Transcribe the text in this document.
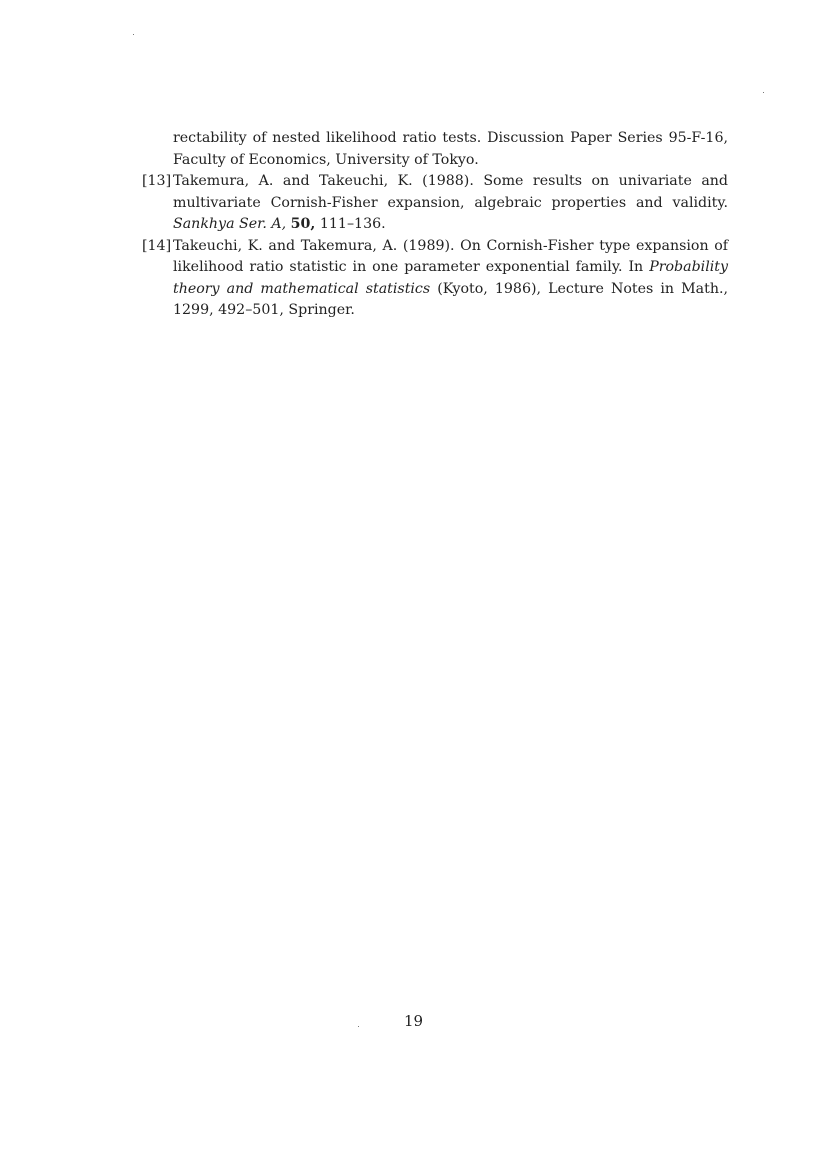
rectability of nested likelihood ratio tests. Discussion Paper Series 95-F-16, Faculty of Economics, University of Tokyo.
[13] Takemura, A. and Takeuchi, K. (1988). Some results on univariate and multivariate Cornish-Fisher expansion, algebraic properties and validity. Sankhya Ser. A, 50, 111–136.
[14] Takeuchi, K. and Takemura, A. (1989). On Cornish-Fisher type expansion of likelihood ratio statistic in one parameter exponential family. In Probability theory and mathematical statistics (Kyoto, 1986), Lecture Notes in Math., 1299, 492–501, Springer.
19
